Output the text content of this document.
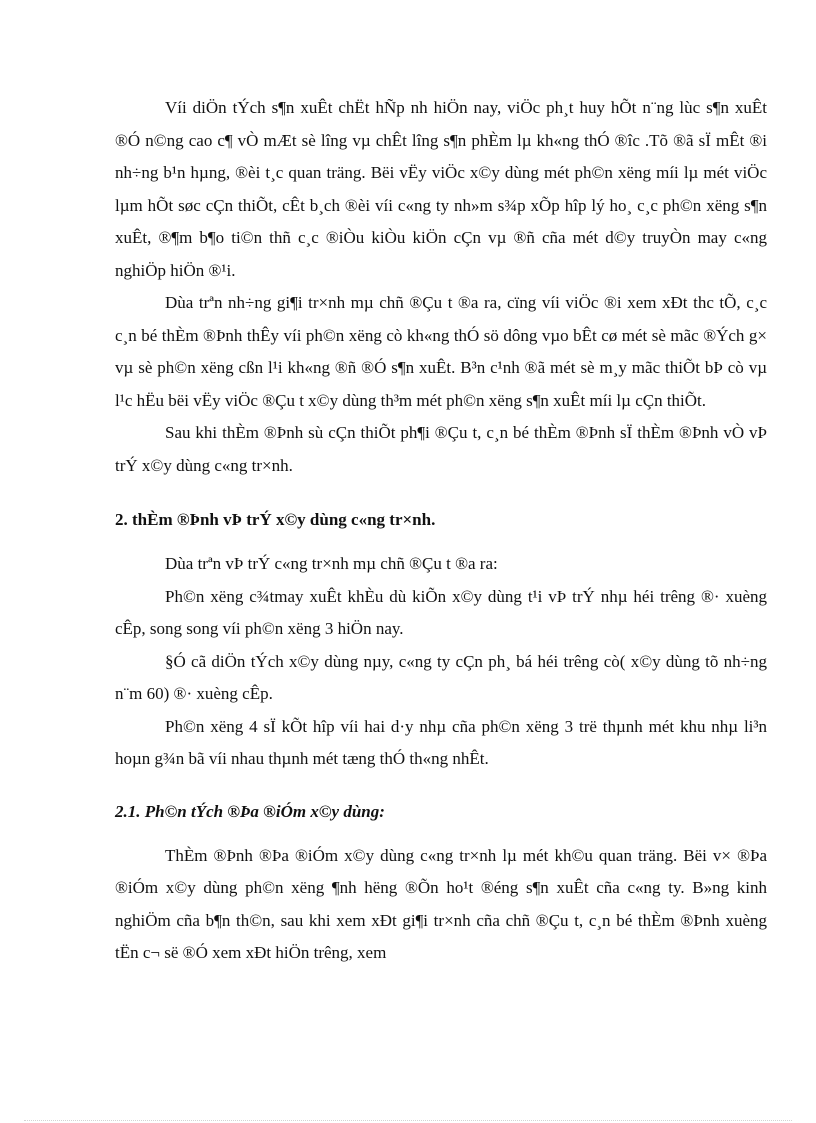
Víi diÖn tÝch s¶n xuÊt chËt hÑp nh hiÖn nay, viÖc ph¸t huy hÕt n¨ng lùc s¶n xuÊt ®Ó n©ng cao c¶ vÒ mÆt sè lîng vµ chÊt lîng s¶n phÈm lµ kh«ng thÓ ®îc .Tõ ®ã sÏ mÊt ®i nh÷ng b¹n hµng, ®èi t¸c quan träng. Bëi vËy viÖc x©y dùng mét ph©n xëng míi lµ mét viÖc lµm hÕt søc cÇn thiÕt, cÊt b¸ch ®èi víi c«ng ty nh»m s¾p xÕp hîp lý ho¸ c¸c ph©n xëng s¶n xuÊt, ®¶m b¶o ti©n thñ c¸c ®iÒu kiÒu kiÖn cÇn vµ ®ñ cña mét d©y truyÒn may c«ng nghiÖp hiÖn ®¹i.

Dùa trªn nh÷ng gi¶i tr×nh mµ chñ ®Çu t ®a ra, cïng víi viÖc ®i xem xÐt thc tÕ, c¸c c¸n bé thÈm ®Þnh thÊy víi ph©n xëng cò kh«ng thÓ sö dông vµo bÊt cø mét sè mãc ®Ých g× vµ sè ph©n xëng cßn l¹i kh«ng ®ñ ®Ó s¶n xuÊt. B³n c¹nh ®ã mét sè m¸y mãc thiÕt bÞ cò vµ l¹c hËu bëi vËy viÖc ®Çu t x©y dùng th³m mét ph©n xëng s¶n xuÊt míi lµ cÇn thiÕt.

Sau khi thÈm ®Þnh sù cÇn thiÕt ph¶i ®Çu t, c¸n bé thÈm ®Þnh sÏ thÈm ®Þnh vÒ vÞ trÝ x©y dùng c«ng tr×nh.

2. thÈm ®Þnh vÞ trÝ x©y dùng c«ng tr×nh.

Dùa trªn vÞ trÝ c«ng tr×nh mµ chñ ®Çu t ®a ra:

Ph©n xëng c¾tmay xuÊt khÈu dù kiÕn x©y dùng t¹i vÞ trÝ nhµ héi trêng ®· xuèng cÊp, song song víi ph©n xëng 3 hiÖn nay.

§Ó cã diÖn tÝch x©y dùng nµy, c«ng ty cÇn ph¸ bá héi trêng cò( x©y dùng tõ nh÷ng n¨m 60) ®· xuèng cÊp.

Ph©n xëng 4 sÏ kÕt hîp víi hai d·y nhµ cña ph©n xëng 3 trë thµnh mét khu nhµ li³n hoµn g¾n bã víi nhau thµnh mét tæng thÓ th«ng nhÊt.

2.1. Ph©n tÝch ®Þa ®iÓm x©y dùng:

ThÈm ®Þnh ®Þa ®iÓm x©y dùng c«ng tr×nh lµ mét kh©u quan träng. Bëi v× ®Þa ®iÓm x©y dùng ph©n xëng ¶nh hëng ®Õn ho¹t ®éng s¶n xuÊt cña c«ng ty. B»ng kinh nghiÖm cña b¶n th©n, sau khi xem xÐt gi¶i tr×nh cña chñ ®Çu t, c¸n bé thÈm ®Þnh xuèng tËn c¬ së ®Ó xem xÐt hiÖn trêng, xem
